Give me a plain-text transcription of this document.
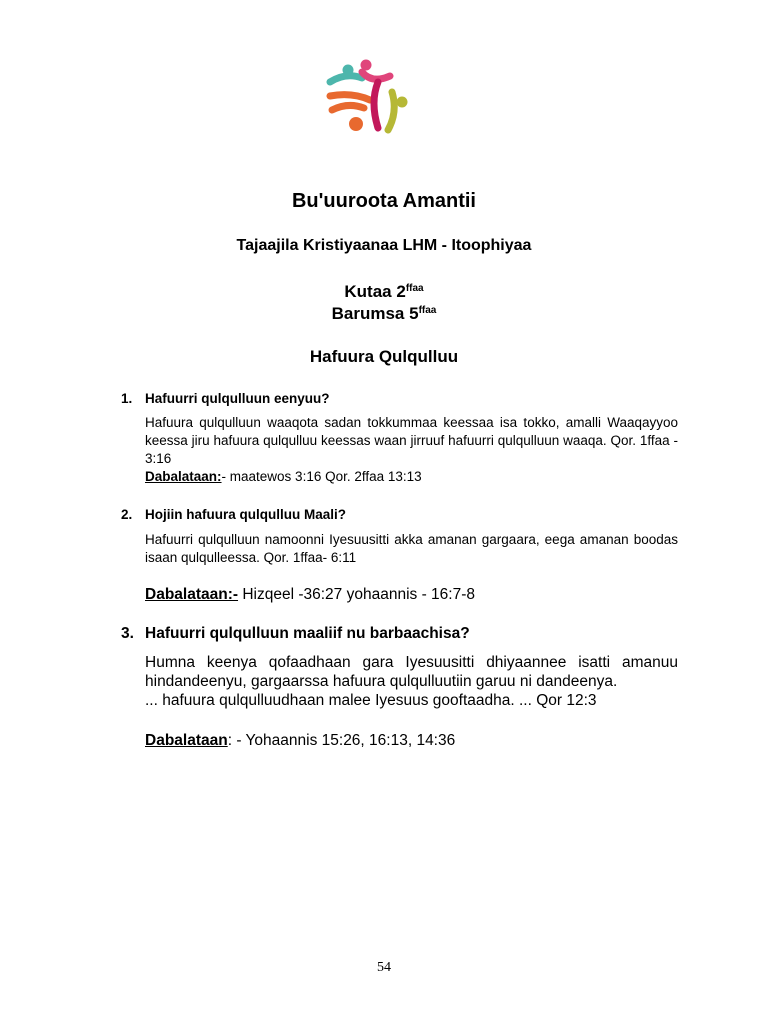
Bu'uuroota Amantii
Tajaajila Kristiyaanaa LHM - Itoophiyaa
Kutaa $2^{ffaa}$
Barumsa $5^{ffaa}$
Hafuura Qulqulluu
1. Hafuurri qulqulluun eenyuu?
Hafuura qulqulluun waaqota sadan tokkummaa keessaa isa tokko, amalli Waaqayyoo keessa jiru hafuura qulqulluu keessas waan jirruuf hafuurri qulqulluun waaqa. Qor. 1ffaa - 3:16
Dabalataan:- maatewos 3:16 Qor. 2ffaa 13:13
2. Hojiin hafuura qulqulluu Maali?
Hafuurri qulqulluun namoonni Iyesuusitti akka amanan gargaara, eega amanan boodas isaan qulqulleessa. Qor. 1ffaa- 6:11
Dabalataan:- Hizqeel -36:27 yohaannis - 16:7-8
3. Hafuurri qulqulluun maaliif nu barbaachisa?
Humna keenya qofaadhaan gara Iyesuusitti dhiyaannee isatti amanuu hindandeenyu, gargaarssa hafuura qulqulluutiin garuu ni dandeenya.
... hafuura qulqulluudhaan malee Iyesuus gooftaadha. ... Qor 12:3
Dabalataan: - Yohaannis 15:26, 16:13, 14:36
54
